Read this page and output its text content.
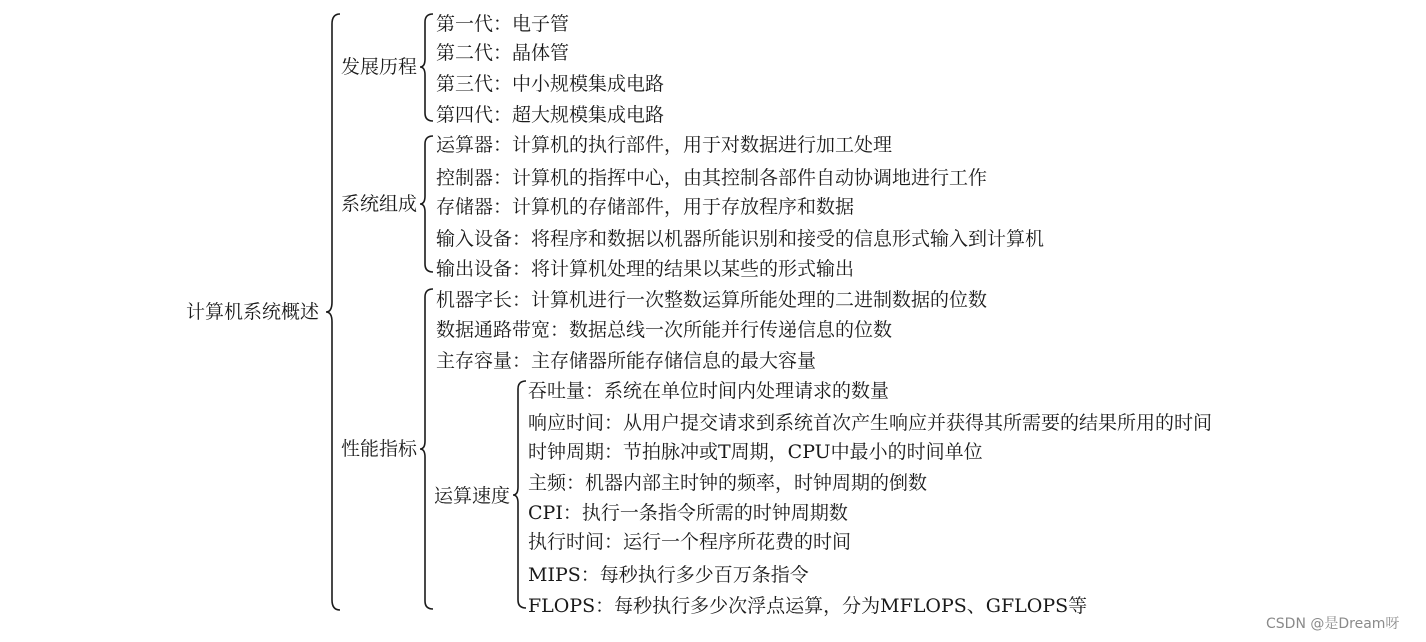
计算机系统概述
发展历程
系统组成
性能指标
运算速度
第一代：电子管
第二代：晶体管
第三代：中小规模集成电路
第四代：超大规模集成电路
运算器：计算机的执行部件，用于对数据进行加工处理
控制器：计算机的指挥中心，由其控制各部件自动协调地进行工作
存储器：计算机的存储部件，用于存放程序和数据
输入设备：将程序和数据以机器所能识别和接受的信息形式输入到计算机
输出设备：将计算机处理的结果以某些的形式输出
机器字长：计算机进行一次整数运算所能处理的二进制数据的位数
数据通路带宽：数据总线一次所能并行传递信息的位数
主存容量：主存储器所能存储信息的最大容量
吞吐量：系统在单位时间内处理请求的数量
响应时间：从用户提交请求到系统首次产生响应并获得其所需要的结果所用的时间
时钟周期：节拍脉冲或T周期，CPU中最小的时间单位
主频：机器内部主时钟的频率，时钟周期的倒数
CPI：执行一条指令所需的时钟周期数
执行时间：运行一个程序所花费的时间
MIPS：每秒执行多少百万条指令
FLOPS：每秒执行多少次浮点运算，分为MFLOPS、GFLOPS等
CSDN @是Dream呀
